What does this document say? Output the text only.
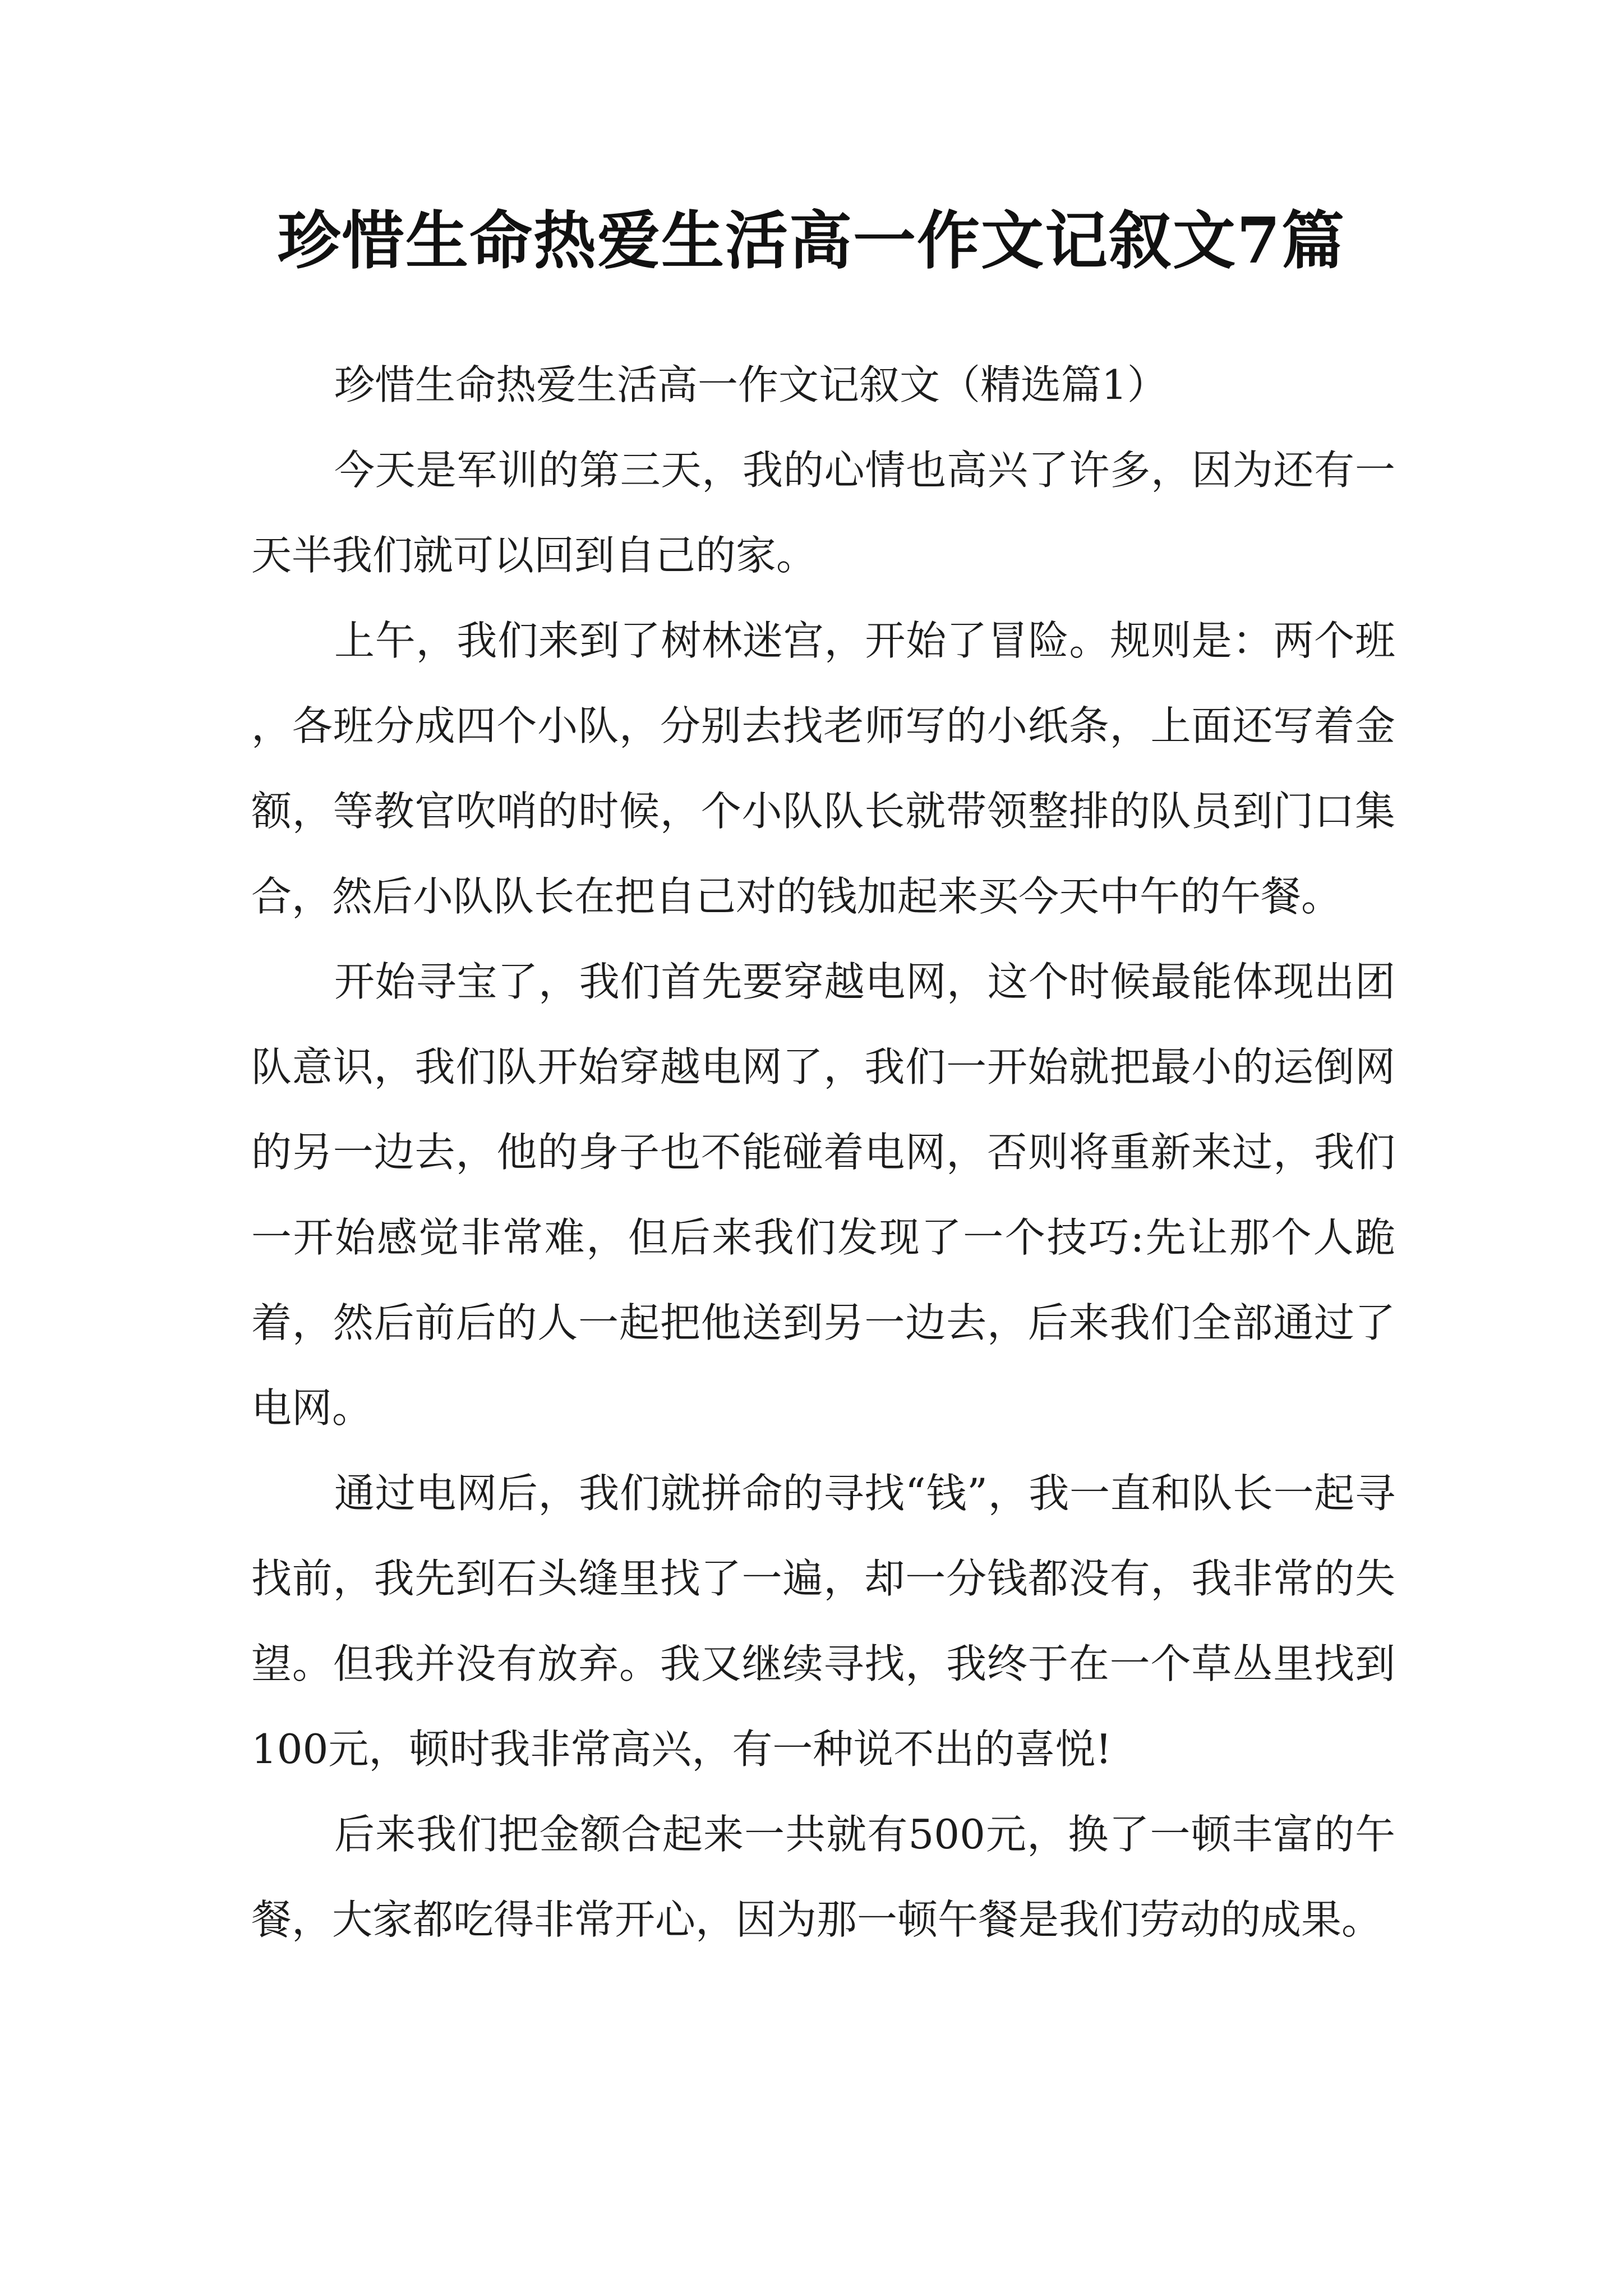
珍惜生命热爱生活高一作文记叙文7篇

珍惜生命热爱生活高一作文记叙文（精选篇1）

今天是军训的第三天，我的心情也高兴了许多，因为还有一天半我们就可以回到自己的家。

上午，我们来到了树林迷宫，开始了冒险。规则是：两个班，各班分成四个小队，分别去找老师写的小纸条，上面还写着金额，等教官吹哨的时候，个小队队长就带领整排的队员到门口集合，然后小队队长在把自己对的钱加起来买今天中午的午餐。

开始寻宝了，我们首先要穿越电网，这个时候最能体现出团队意识，我们队开始穿越电网了，我们一开始就把最小的运倒网的另一边去，他的身子也不能碰着电网，否则将重新来过，我们一开始感觉非常难，但后来我们发现了一个技巧:先让那个人跪着，然后前后的人一起把他送到另一边去，后来我们全部通过了电网。

通过电网后，我们就拼命的寻找“钱”，我一直和队长一起寻找前，我先到石头缝里找了一遍，却一分钱都没有，我非常的失望。但我并没有放弃。我又继续寻找，我终于在一个草丛里找到100元，顿时我非常高兴，有一种说不出的喜悦!

后来我们把金额合起来一共就有500元，换了一顿丰富的午餐，大家都吃得非常开心，因为那一顿午餐是我们劳动的成果。
